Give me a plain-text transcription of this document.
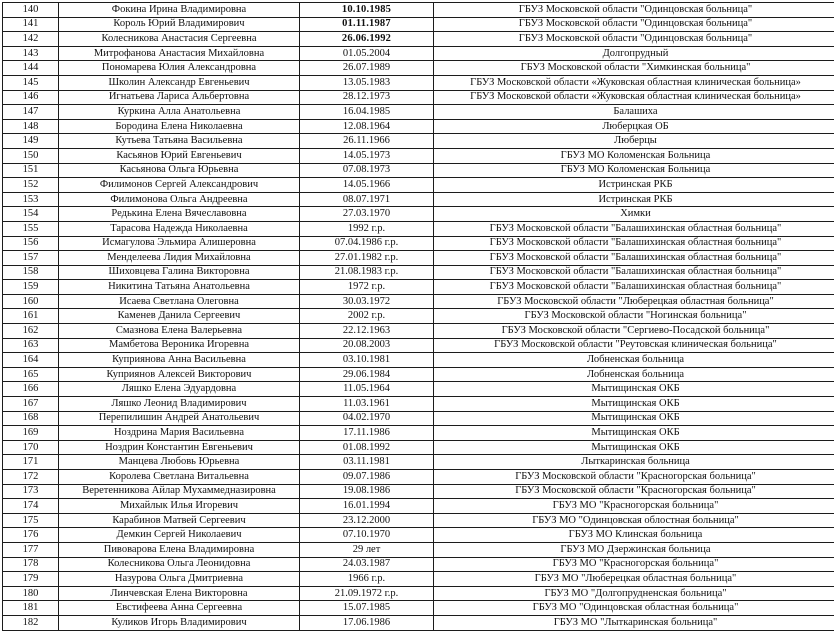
140	Фокина Ирина Владимировна	10.10.1985	ГБУЗ Московской области "Одинцовская больница"
141	Король Юрий Владимирович	01.11.1987	ГБУЗ Московской области "Одинцовская больница"
142	Колесникова Анастасия Сергеевна	26.06.1992	ГБУЗ Московской области "Одинцовская больница"
143	Митрофанова Анастасия Михайловна	01.05.2004	Долгопрудный
144	Пономарева Юлия Александровна	26.07.1989	ГБУЗ Московской области "Химкинская больница"
145	Школин Александр Евгеньевич	13.05.1983	ГБУЗ Московской области «Жуковская областная клиническая больница»
146	Игнатьева Лариса Альбертовна	28.12.1973	ГБУЗ Московской области «Жуковская областная клиническая больница»
147	Куркина Алла Анатольевна	16.04.1985	Балашиха
148	Бородина Елена Николаевна	12.08.1964	Люберцкая ОБ
149	Кутьева Татьяна Васильевна	26.11.1966	Люберцы
150	Касьянов Юрий Евгеньевич	14.05.1973	ГБУЗ МО Коломенская Больница
151	Касьянова Ольга Юрьевна	07.08.1973	ГБУЗ МО Коломенская Больница
152	Филимонов Сергей Александрович	14.05.1966	Истринская РКБ
153	Филимонова Ольга Андреевна	08.07.1971	Истринская РКБ
154	Редькина Елена Вячеславовна	27.03.1970	Химки
155	Тарасова Надежда Николаевна	1992 г.р.	ГБУЗ Московской области "Балашихинская областная больница"
156	Исмагулова Эльмира Алишеровна	07.04.1986 г.р.	ГБУЗ Московской области "Балашихинская областная больница"
157	Менделеева Лидия Михайловна	27.01.1982 г.р.	ГБУЗ Московской области "Балашихинская областная больница"
158	Шиховцева Галина Викторовна	21.08.1983 г.р.	ГБУЗ Московской области "Балашихинская областная больница"
159	Никитина Татьяна Анатольевна	1972 г.р.	ГБУЗ Московской области "Балашихинская областная больница"
160	Исаева Светлана Олеговна	30.03.1972	ГБУЗ Московской области "Люберецкая областная больница"
161	Каменев Данила Сергеевич	2002 г.р.	ГБУЗ Московской области "Ногинская больница"
162	Смазнова Елена Валерьевна	22.12.1963	ГБУЗ Московской области "Сергиево-Посадской больница"
163	Мамбетова Вероника Игоревна	20.08.2003	ГБУЗ Московской области "Реутовская клиническая больница"
164	Куприянова Анна Васильевна	03.10.1981	Лобненская больница
165	Куприянов Алексей Викторович	29.06.1984	Лобненская больница
166	Ляшко Елена Эдуардовна	11.05.1964	Мытищинская ОКБ
167	Ляшко Леонид Владимирович	11.03.1961	Мытищинская ОКБ
168	Перепилишин Андрей Анатольевич	04.02.1970	Мытищинская ОКБ
169	Ноздрина Мария Васильевна	17.11.1986	Мытищинская ОКБ
170	Ноздрин Константин Евгеньевич	01.08.1992	Мытищинская ОКБ
171	Манцева Любовь Юрьевна	03.11.1981	Лыткаринская больница
172	Королева Светлана Витальевна	09.07.1986	ГБУЗ Московской области "Красногорская больница"
173	Веретенникова Айлар Мухаммедназировна	19.08.1986	ГБУЗ Московской области "Красногорская больница"
174	Михайлык Илья Игоревич	16.01.1994	ГБУЗ МО "Красногорская больница"
175	Карабинов Матвей Сергеевич	23.12.2000	ГБУЗ МО "Одинцовская облостная больница"
176	Демкин Сергей Николаевич	07.10.1970	ГБУЗ МО Клинская больница
177	Пивоварова Елена Владимировна	29 лет	ГБУЗ МО Дзержинская больница
178	Колесникова Ольга Леонидовна	24.03.1987	ГБУЗ МО "Красногорская больница"
179	Назурова Ольга Дмитриевна	1966 г.р.	ГБУЗ МО "Люберецкая областная больница"
180	Линчевская Елена Викторовна	21.09.1972 г.р.	ГБУЗ МО "Долгопрудненская больница"
181	Евстифеева Анна Сергеевна	15.07.1985	ГБУЗ МО "Одинцовская областная больница"
182	Куликов Игорь Владимирович	17.06.1986	ГБУЗ МО "Лыткаринская больница"
